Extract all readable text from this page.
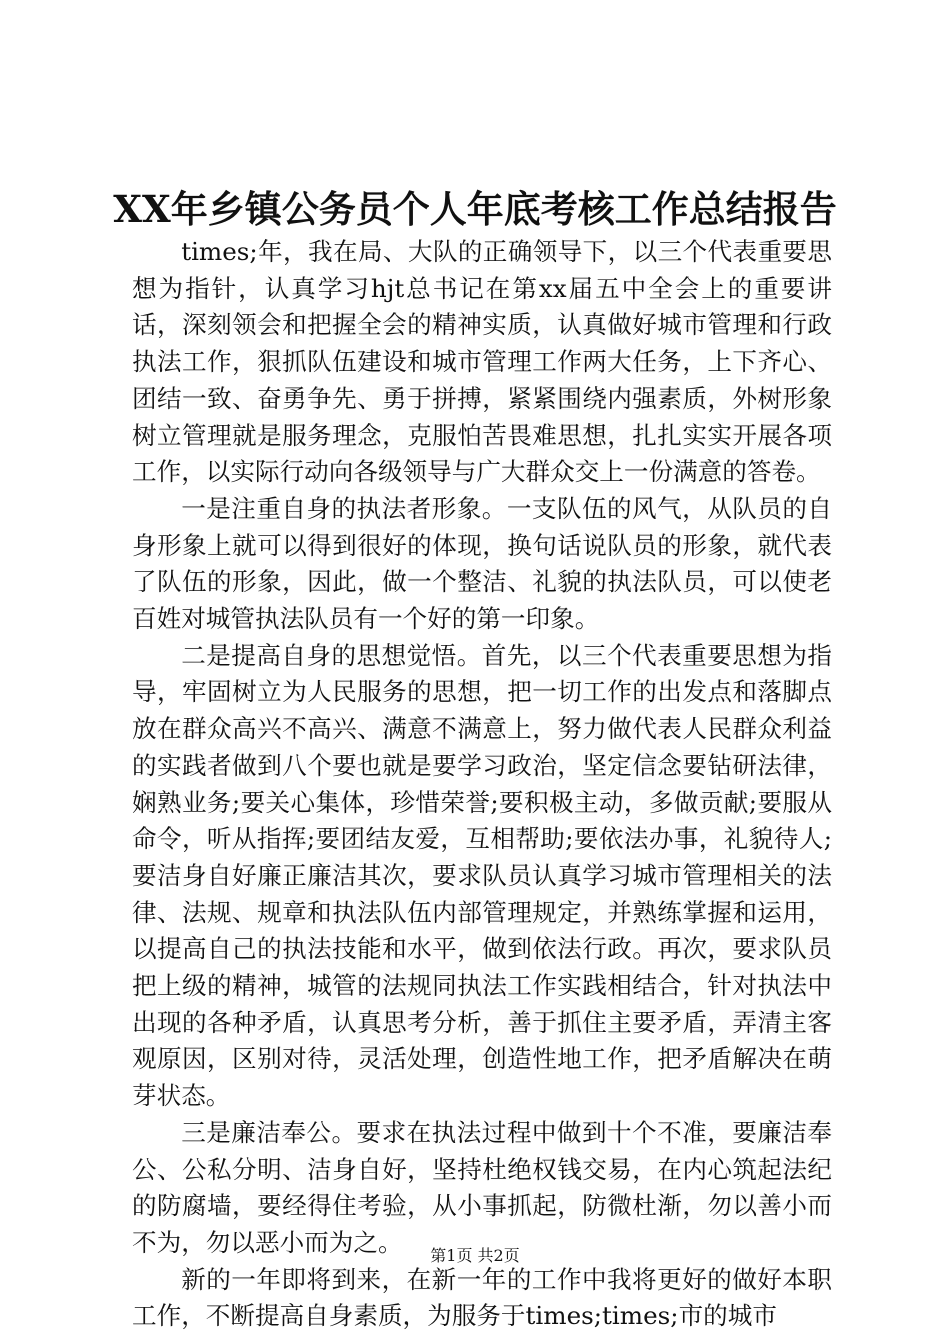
XX年乡镇公务员个人年底考核工作总结报告

times;年，我在局、大队的正确领导下，以三个代表重要思想为指针，认真学习hjt总书记在第xx届五中全会上的重要讲话，深刻领会和把握全会的精神实质，认真做好城市管理和行政执法工作，狠抓队伍建设和城市管理工作两大任务，上下齐心、团结一致、奋勇争先、勇于拼搏，紧紧围绕内强素质，外树形象树立管理就是服务理念，克服怕苦畏难思想，扎扎实实开展各项工作，以实际行动向各级领导与广大群众交上一份满意的答卷。

一是注重自身的执法者形象。一支队伍的风气，从队员的自身形象上就可以得到很好的体现，换句话说队员的形象，就代表了队伍的形象，因此，做一个整洁、礼貌的执法队员，可以使老百姓对城管执法队员有一个好的第一印象。

二是提高自身的思想觉悟。首先，以三个代表重要思想为指导，牢固树立为人民服务的思想，把一切工作的出发点和落脚点放在群众高兴不高兴、满意不满意上，努力做代表人民群众利益的实践者做到八个要也就是要学习政治，坚定信念要钻研法律，娴熟业务;要关心集体，珍惜荣誉;要积极主动，多做贡献;要服从命令，听从指挥;要团结友爱，互相帮助;要依法办事，礼貌待人;要洁身自好廉正廉洁其次，要求队员认真学习城市管理相关的法律、法规、规章和执法队伍内部管理规定，并熟练掌握和运用，以提高自己的执法技能和水平，做到依法行政。再次，要求队员把上级的精神，城管的法规同执法工作实践相结合，针对执法中出现的各种矛盾，认真思考分析，善于抓住主要矛盾，弄清主客观原因，区别对待，灵活处理，创造性地工作，把矛盾解决在萌芽状态。

三是廉洁奉公。要求在执法过程中做到十个不准，要廉洁奉公、公私分明、洁身自好，坚持杜绝权钱交易，在内心筑起法纪的防腐墙，要经得住考验，从小事抓起，防微杜渐，勿以善小而不为，勿以恶小而为之。

新的一年即将到来，在新一年的工作中我将更好的做好本职工作，不断提高自身素质，为服务于times;times;市的城市

第1页 共2页
